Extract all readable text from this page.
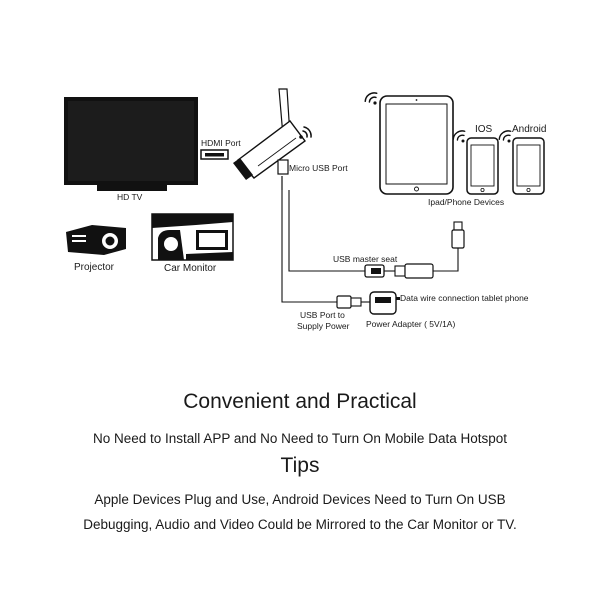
HD TV
HDMI Port
Micro USB Port
Projector	Car Monitor
IOS Android
Ipad/Phone Devices
USB master seat
Data wire connection tablet phone
USB Port to
Supply Power Power Adapter ( 5V/1A)
Convenient and Practical
No Need to Install APP and No Need to Turn On Mobile Data Hotspot
Tips
Apple Devices Plug and Use, Android Devices Need to Turn On USB
Debugging, Audio and Video Could be Mirrored to the Car Monitor or TV.
